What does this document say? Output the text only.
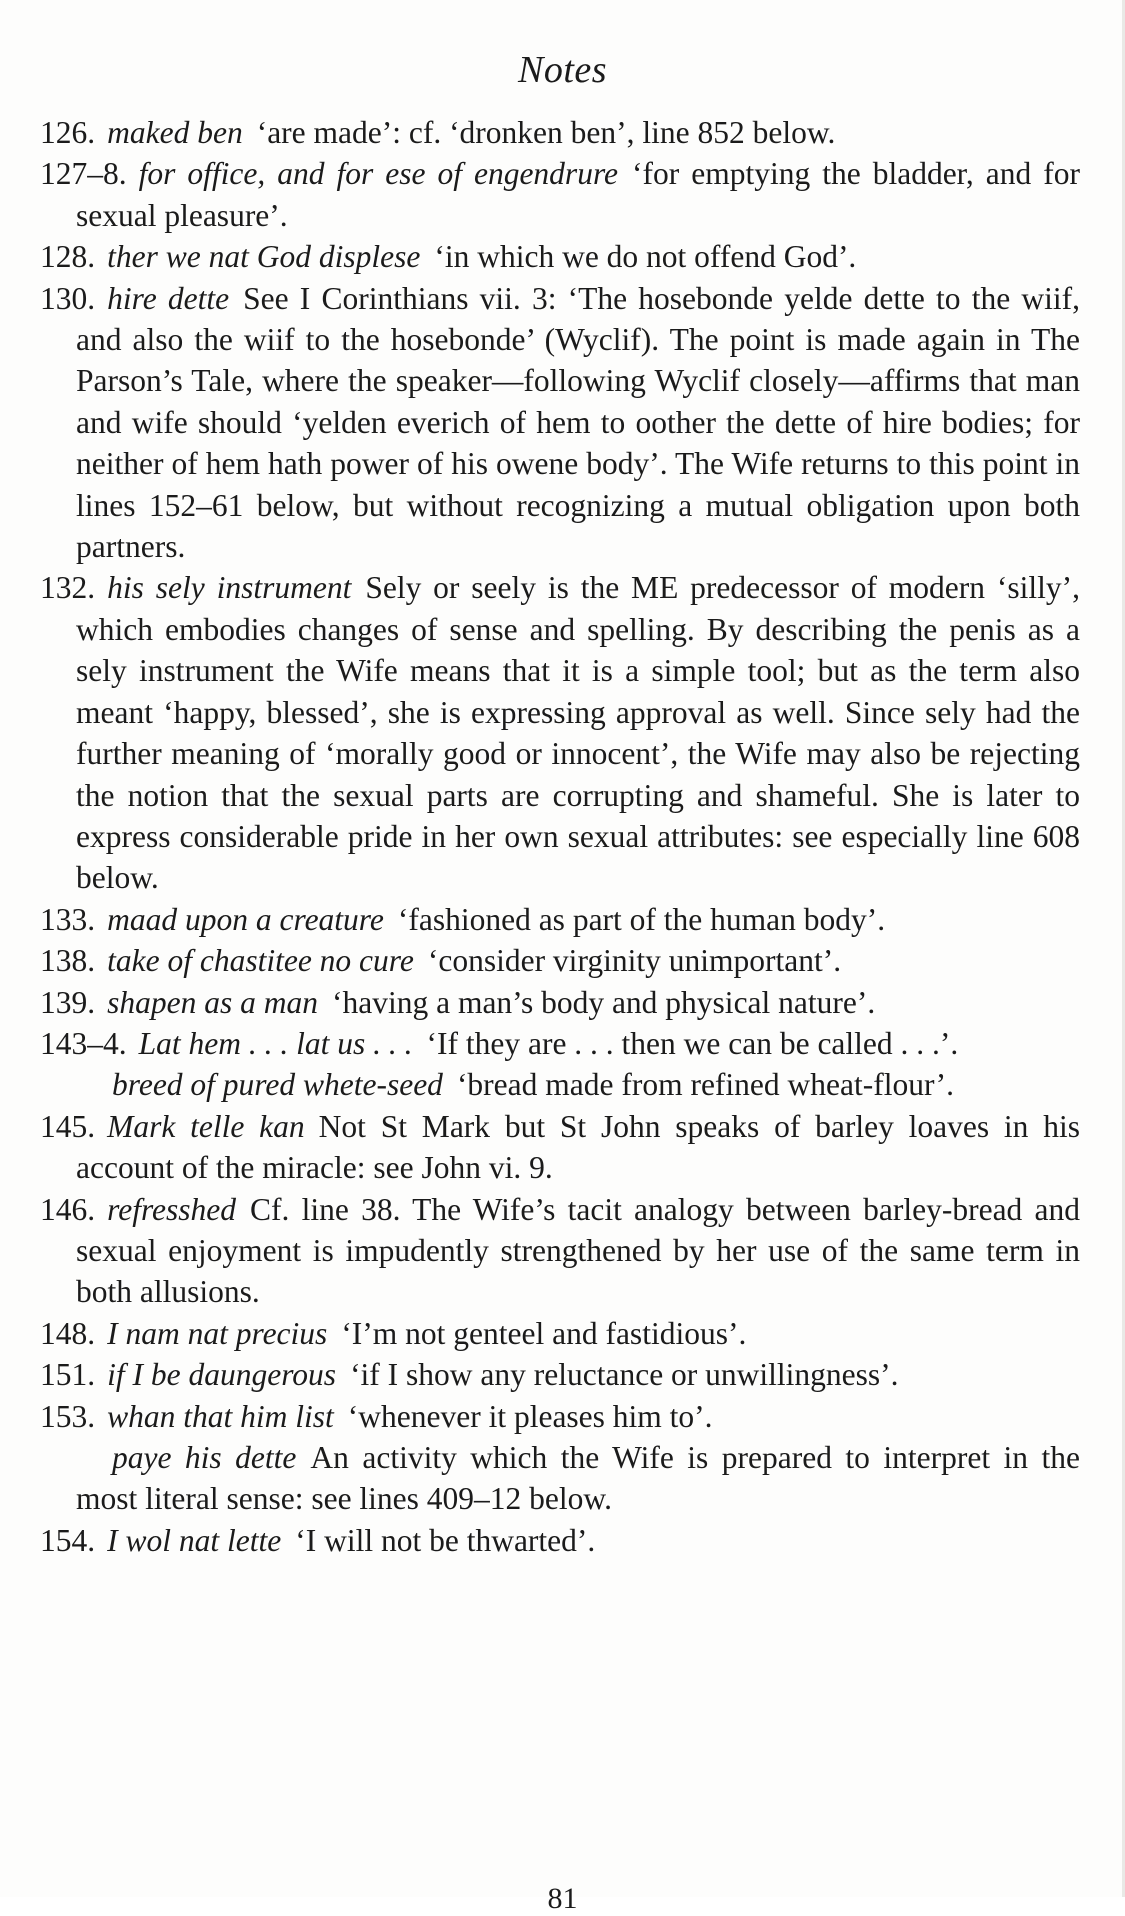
Notes
126. maked ben ‘are made’: cf. ‘dronken ben’, line 852 below.
127–8. for office, and for ese of engendrure ‘for emptying the bladder, and for sexual pleasure’.
128. ther we nat God displese ‘in which we do not offend God’.
130. hire dette See I Corinthians vii. 3: ‘The hosebonde yelde dette to the wiif, and also the wiif to the hosebonde’ (Wyclif). The point is made again in The Parson’s Tale, where the speaker—following Wyclif closely—affirms that man and wife should ‘yelden everich of hem to oother the dette of hire bodies; for neither of hem hath power of his owene body’. The Wife returns to this point in lines 152–61 below, but without recognizing a mutual obligation upon both partners.
132. his sely instrument Sely or seely is the ME predecessor of modern ‘silly’, which embodies changes of sense and spelling. By describing the penis as a sely instrument the Wife means that it is a simple tool; but as the term also meant ‘happy, blessed’, she is expressing approval as well. Since sely had the further meaning of ‘morally good or innocent’, the Wife may also be rejecting the notion that the sexual parts are corrupting and shameful. She is later to express considerable pride in her own sexual attributes: see especially line 608 below.
133. maad upon a creature ‘fashioned as part of the human body’.
138. take of chastitee no cure ‘consider virginity unimportant’.
139. shapen as a man ‘having a man’s body and physical nature’.
143–4. Lat hem . . . lat us . . . ‘If they are . . . then we can be called . . .’.
breed of pured whete-seed ‘bread made from refined wheat-flour’.
145. Mark telle kan Not St Mark but St John speaks of barley loaves in his account of the miracle: see John vi. 9.
146. refresshed Cf. line 38. The Wife’s tacit analogy between barley-bread and sexual enjoyment is impudently strengthened by her use of the same term in both allusions.
148. I nam nat precius ‘I’m not genteel and fastidious’.
151. if I be daungerous ‘if I show any reluctance or unwillingness’.
153. whan that him list ‘whenever it pleases him to’.
paye his dette An activity which the Wife is prepared to interpret in the most literal sense: see lines 409–12 below.
154. I wol nat lette ‘I will not be thwarted’.
81
